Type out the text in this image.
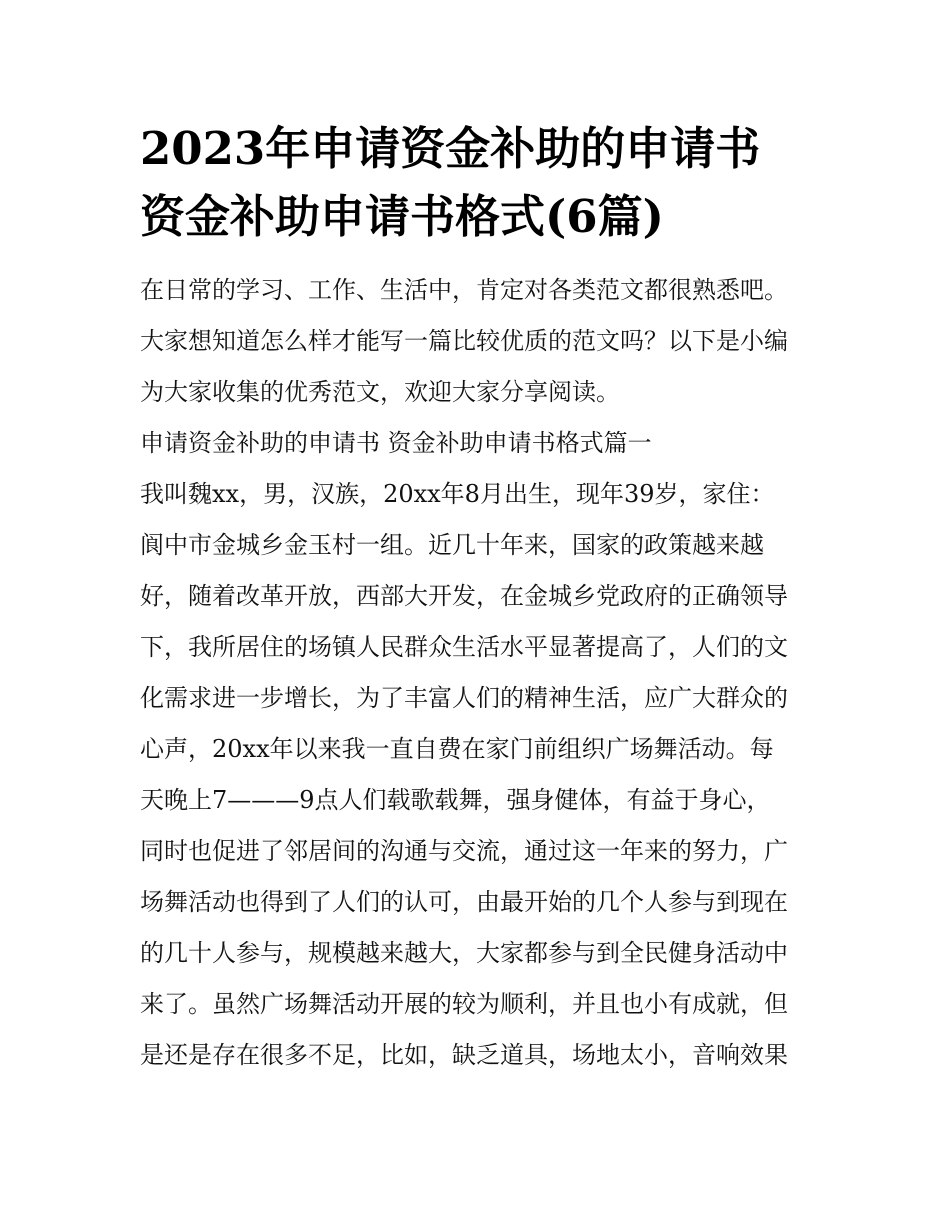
2023年申请资金补助的申请书
资金补助申请书格式(6篇)
在日常的学习、工作、生活中，肯定对各类范文都很熟悉吧。
大家想知道怎么样才能写一篇比较优质的范文吗？以下是小编
为大家收集的优秀范文，欢迎大家分享阅读。
申请资金补助的申请书 资金补助申请书格式篇一
我叫魏xx，男，汉族，20xx年8月出生，现年39岁，家住：
阆中市金城乡金玉村一组。近几十年来，国家的政策越来越
好，随着改革开放，西部大开发，在金城乡党政府的正确领导
下，我所居住的场镇人民群众生活水平显著提高了，人们的文
化需求进一步增长，为了丰富人们的精神生活，应广大群众的
心声，20xx年以来我一直自费在家门前组织广场舞活动。每
天晚上7———9点人们载歌载舞，强身健体，有益于身心，
同时也促进了邻居间的沟通与交流，通过这一年来的努力，广
场舞活动也得到了人们的认可，由最开始的几个人参与到现在
的几十人参与，规模越来越大，大家都参与到全民健身活动中
来了。虽然广场舞活动开展的较为顺利，并且也小有成就，但
是还是存在很多不足，比如，缺乏道具，场地太小，音响效果
